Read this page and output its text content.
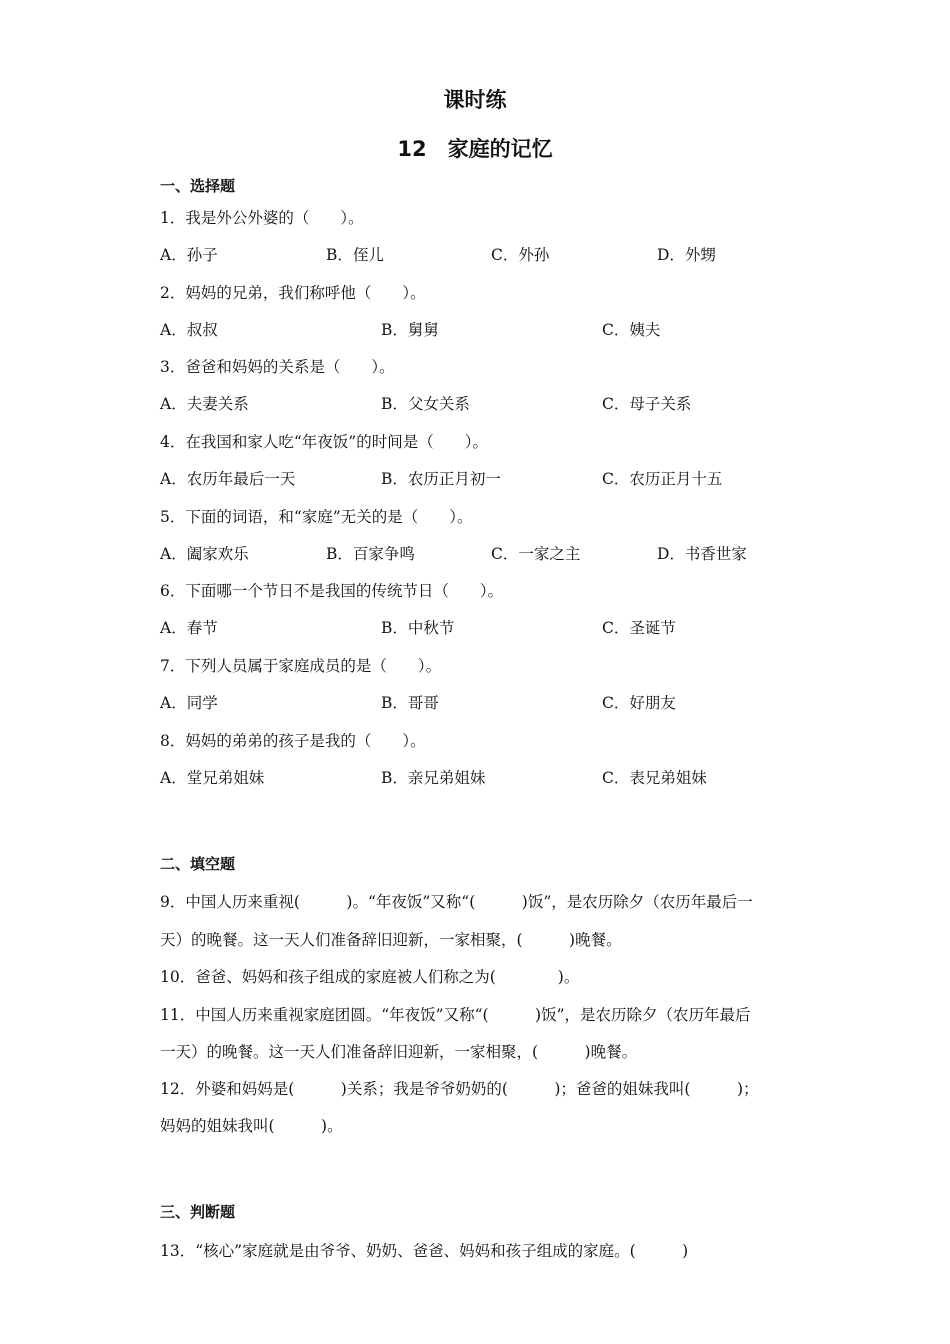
课时练
12　家庭的记忆
一、选择题
1．我是外公外婆的（　　）。
A．孙子	B．侄儿	C．外孙	D．外甥
2．妈妈的兄弟，我们称呼他（　　）。
A．叔叔	B．舅舅	C．姨夫
3．爸爸和妈妈的关系是（　　）。
A．夫妻关系	B．父女关系	C．母子关系
4．在我国和家人吃“年夜饭”的时间是（　　）。
A．农历年最后一天	B．农历正月初一	C．农历正月十五
5．下面的词语，和“家庭”无关的是（　　）。
A．阖家欢乐	B．百家争鸣	C．一家之主	D．书香世家
6．下面哪一个节日不是我国的传统节日（　　）。
A．春节	B．中秋节	C．圣诞节
7．下列人员属于家庭成员的是（　　）。
A．同学	B．哥哥	C．好朋友
8．妈妈的弟弟的孩子是我的（　　）。
A．堂兄弟姐妹	B．亲兄弟姐妹	C．表兄弟姐妹
二、填空题
9．中国人历来重视(　　　)。“年夜饭”又称“(　　　)饭”，是农历除夕（农历年最后一
天）的晚餐。这一天人们准备辞旧迎新，一家相聚，(　　　)晚餐。
10．爸爸、妈妈和孩子组成的家庭被人们称之为(　　　　)。
11．中国人历来重视家庭团圆。“年夜饭”又称“(　　　)饭”，是农历除夕（农历年最后
一天）的晚餐。这一天人们准备辞旧迎新，一家相聚，(　　　)晚餐。
12．外婆和妈妈是(　　　)关系；我是爷爷奶奶的(　　　)；爸爸的姐妹我叫(　　　)；
妈妈的姐妹我叫(　　　)。
三、判断题
13．“核心”家庭就是由爷爷、奶奶、爸爸、妈妈和孩子组成的家庭。(　　　)
